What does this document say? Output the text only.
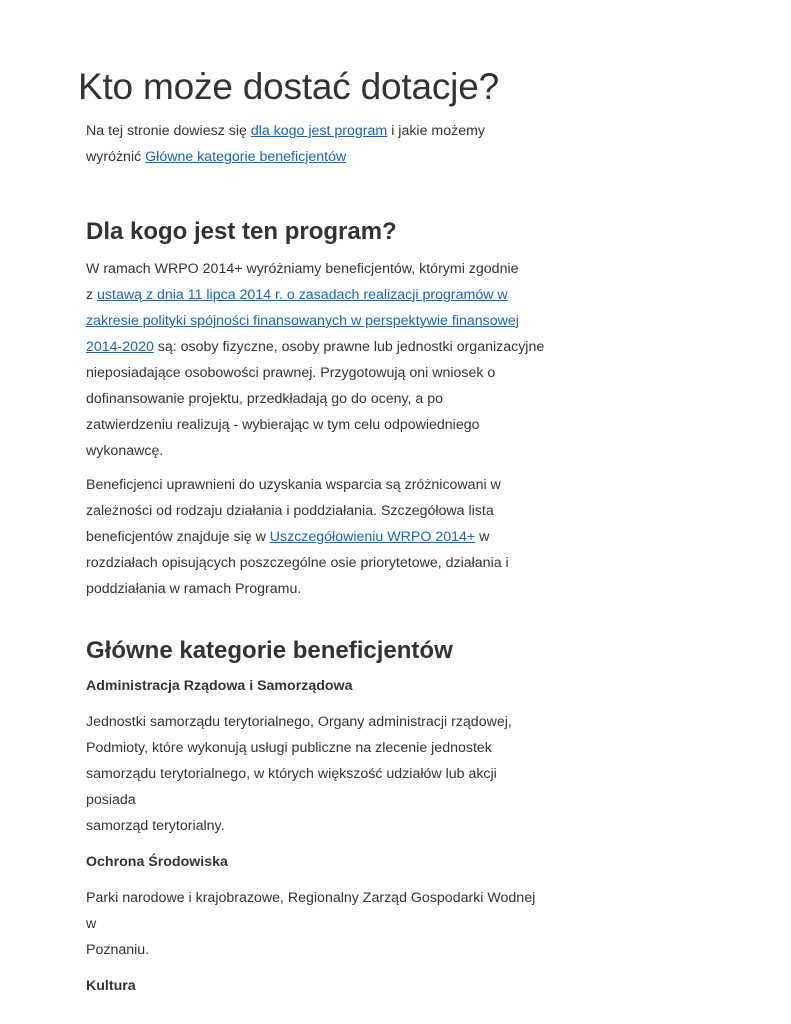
Kto może dostać dotacje?

Na tej stronie dowiesz się dla kogo jest program i jakie możemy
wyróżnić Główne kategorie beneficjentów

Dla kogo jest ten program?

W ramach WRPO 2014+ wyróżniamy beneficjentów, którymi zgodnie
z ustawą z dnia 11 lipca 2014 r. o zasadach realizacji programów w
zakresie polityki spójności finansowanych w perspektywie finansowej
2014-2020 są: osoby fizyczne, osoby prawne lub jednostki organizacyjne
nieposiadające osobowości prawnej. Przygotowują oni wniosek o
dofinansowanie projektu, przedkładają go do oceny, a po
zatwierdzeniu realizują - wybierając w tym celu odpowiedniego
wykonawcę.

Beneficjenci uprawnieni do uzyskania wsparcia są zróżnicowani w
zależności od rodzaju działania i poddziałania. Szczegółowa lista
beneficjentów znajduje się w Uszczegółowieniu WRPO 2014+ w
rozdziałach opisujących poszczególne osie priorytetowe, działania i
poddziałania w ramach Programu.

Główne kategorie beneficjentów

Administracja Rządowa i Samorządowa

Jednostki samorządu terytorialnego, Organy administracji rządowej,
Podmioty, które wykonują usługi publiczne na zlecenie jednostek
samorządu terytorialnego, w których większość udziałów lub akcji posiada
samorząd terytorialny.

Ochrona Środowiska

Parki narodowe i krajobrazowe, Regionalny Zarząd Gospodarki Wodnej w
Poznaniu.

Kultura
